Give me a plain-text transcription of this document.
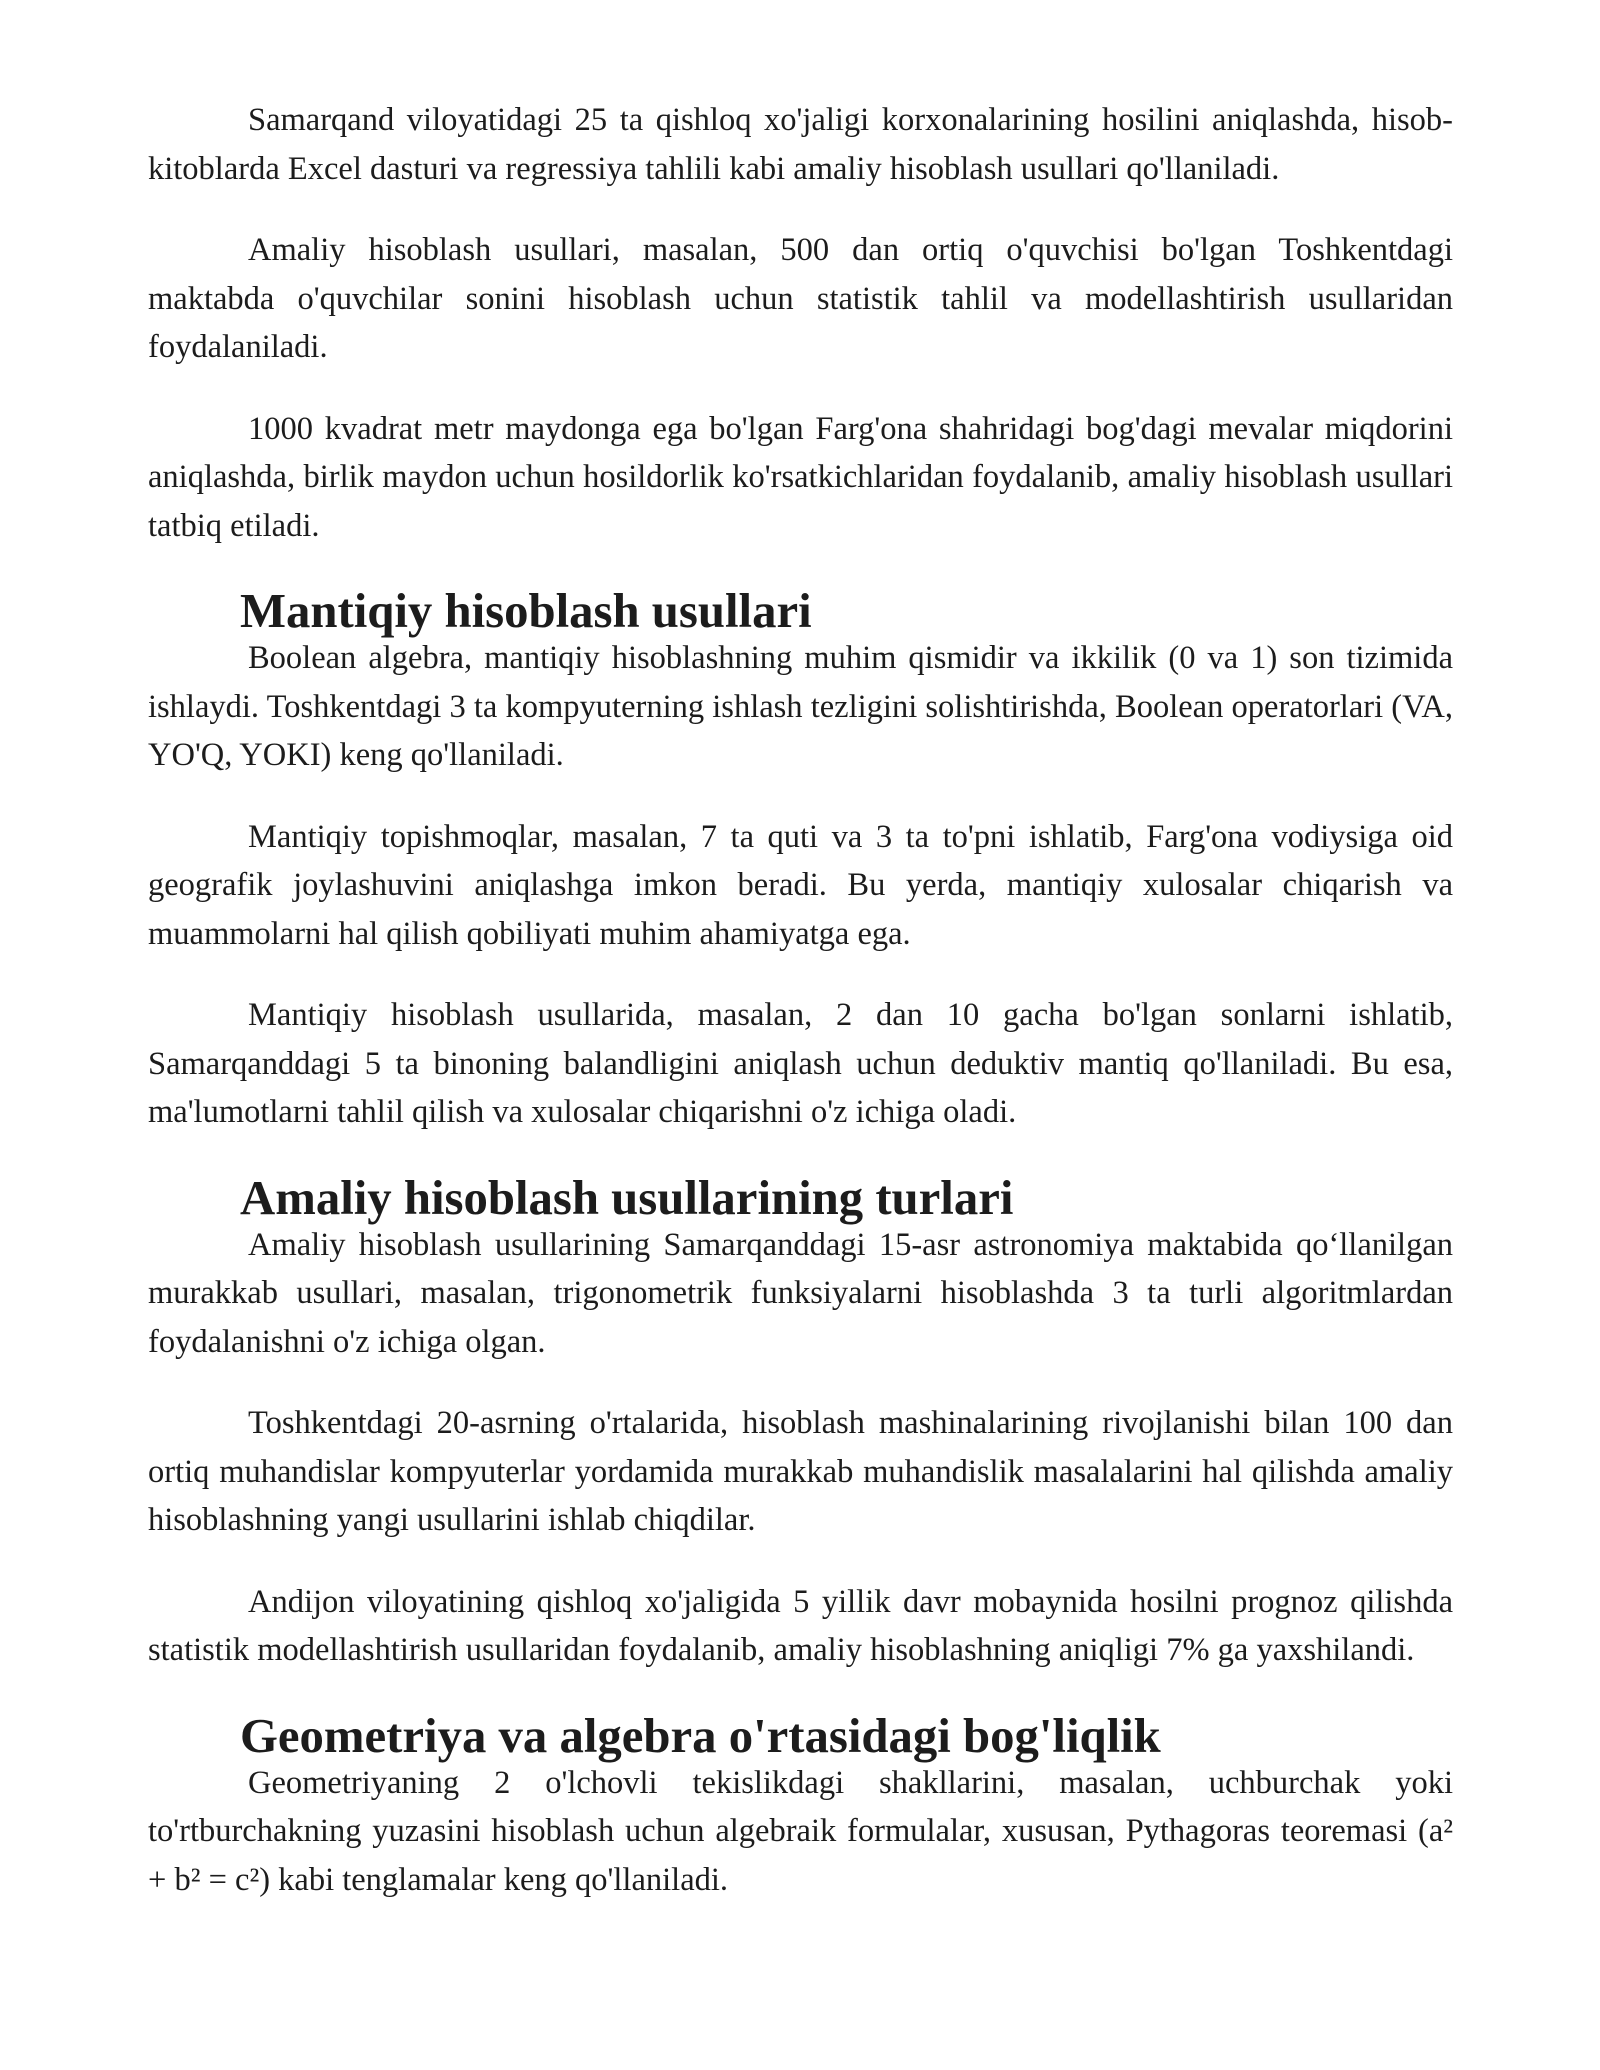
Samarqand viloyatidagi 25 ta qishloq xo'jaligi korxonalarining hosilini aniqlashda, hisob-kitoblarda Excel dasturi va regressiya tahlili kabi amaliy hisoblash usullari qo'llaniladi.

Amaliy hisoblash usullari, masalan, 500 dan ortiq o'quvchisi bo'lgan Toshkentdagi maktabda o'quvchilar sonini hisoblash uchun statistik tahlil va modellashtirish usullaridan foydalaniladi.

1000 kvadrat metr maydonga ega bo'lgan Farg'ona shahridagi bog'dagi mevalar miqdorini aniqlashda, birlik maydon uchun hosildorlik ko'rsatkichlaridan foydalanib, amaliy hisoblash usullari tatbiq etiladi.

Mantiqiy hisoblash usullari

Boolean algebra, mantiqiy hisoblashning muhim qismidir va ikkilik (0 va 1) son tizimida ishlaydi. Toshkentdagi 3 ta kompyuterning ishlash tezligini solishtirishda, Boolean operatorlari (VA, YO'Q, YOKI) keng qo'llaniladi.

Mantiqiy topishmoqlar, masalan, 7 ta quti va 3 ta to'pni ishlatib, Farg'ona vodiysiga oid geografik joylashuvini aniqlashga imkon beradi. Bu yerda, mantiqiy xulosalar chiqarish va muammolarni hal qilish qobiliyati muhim ahamiyatga ega.

Mantiqiy hisoblash usullarida, masalan, 2 dan 10 gacha bo'lgan sonlarni ishlatib, Samarqanddagi 5 ta binoning balandligini aniqlash uchun deduktiv mantiq qo'llaniladi. Bu esa, ma'lumotlarni tahlil qilish va xulosalar chiqarishni o'z ichiga oladi.

Amaliy hisoblash usullarining turlari

Amaliy hisoblash usullarining Samarqanddagi 15-asr astronomiya maktabida qo‘llanilgan murakkab usullari, masalan, trigonometrik funksiyalarni hisoblashda 3 ta turli algoritmlardan foydalanishni o'z ichiga olgan.

Toshkentdagi 20-asrning o'rtalarida, hisoblash mashinalarining rivojlanishi bilan 100 dan ortiq muhandislar kompyuterlar yordamida murakkab muhandislik masalalarini hal qilishda amaliy hisoblashning yangi usullarini ishlab chiqdilar.

Andijon viloyatining qishloq xo'jaligida 5 yillik davr mobaynida hosilni prognoz qilishda statistik modellashtirish usullaridan foydalanib, amaliy hisoblashning aniqligi 7% ga yaxshilandi.

Geometriya va algebra o'rtasidagi bog'liqlik

Geometriyaning 2 o'lchovli tekislikdagi shakllarini, masalan, uchburchak yoki to'rtburchakning yuzasini hisoblash uchun algebraik formulalar, xususan, Pythagoras teoremasi (a² + b² = c²) kabi tenglamalar keng qo'llaniladi.
